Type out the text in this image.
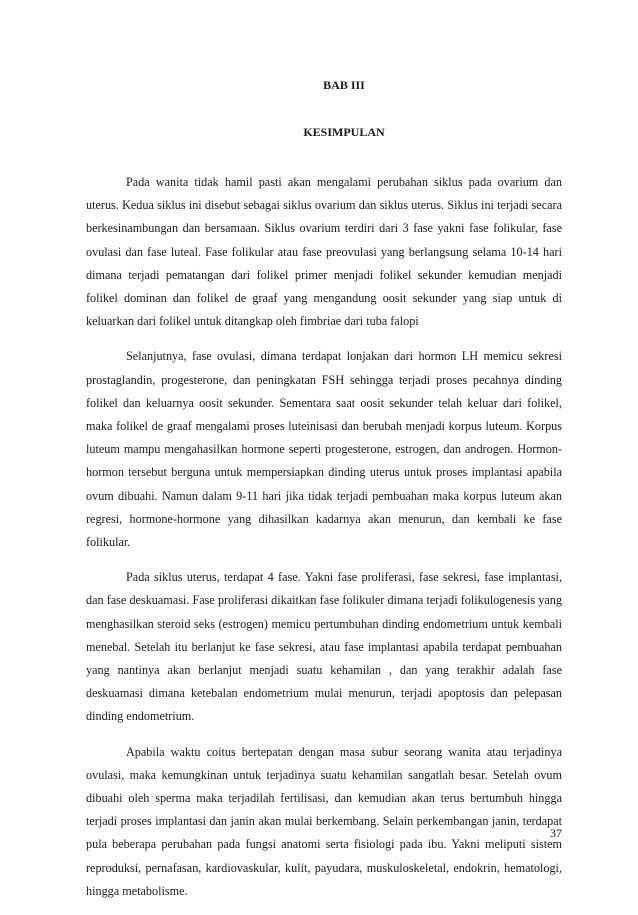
BAB III

KESIMPULAN

Pada wanita tidak hamil pasti akan mengalami perubahan siklus pada ovarium dan uterus. Kedua siklus ini disebut sebagai siklus ovarium dan siklus uterus. Siklus ini terjadi secara berkesinambungan dan bersamaan. Siklus ovarium terdiri dari 3 fase yakni fase folikular, fase ovulasi dan fase luteal. Fase folikular atau fase preovulasi yang berlangsung selama 10-14 hari dimana terjadi pematangan dari folikel primer menjadi folikel sekunder kemudian menjadi folikel dominan dan folikel de graaf yang mengandung oosit sekunder yang siap untuk di keluarkan dari folikel untuk ditangkap oleh fimbriae dari tuba falopi

Selanjutnya, fase ovulasi, dimana terdapat lonjakan dari hormon LH memicu sekresi prostaglandin, progesterone, dan peningkatan FSH sehingga terjadi proses pecahnya dinding folikel dan keluarnya oosit sekunder. Sementara saat oosit sekunder telah keluar dari folikel, maka folikel de graaf mengalami proses luteinisasi dan berubah menjadi korpus luteum. Korpus luteum mampu mengahasilkan hormone seperti progesterone, estrogen, dan androgen. Hormon-hormon tersebut berguna untuk mempersiapkan dinding uterus untuk proses implantasi apabila ovum dibuahi. Namun dalam 9-11 hari jika tidak terjadi pembuahan maka korpus luteum akan regresi, hormone-hormone yang dihasilkan kadarnya akan menurun, dan kembali ke fase folikular.

Pada siklus uterus, terdapat 4 fase. Yakni fase proliferasi, fase sekresi, fase implantasi, dan fase deskuamasi. Fase proliferasi dikaitkan fase folikuler dimana terjadi folikulogenesis yang menghasilkan steroid seks (estrogen) memicu pertumbuhan dinding endometrium untuk kembali menebal. Setelah itu berlanjut ke fase sekresi, atau fase implantasi apabila terdapat pembuahan yang nantinya akan berlanjut menjadi suatu kehamilan , dan yang terakhir adalah fase deskuamasi dimana ketebalan endometrium mulai menurun, terjadi apoptosis dan pelepasan dinding endometrium.

Apabila waktu coitus bertepatan dengan masa subur seorang wanita atau terjadinya ovulasi, maka kemungkinan untuk terjadinya suatu kehamilan sangatlah besar. Setelah ovum dibuahi oleh sperma maka terjadilah fertilisasi, dan kemudian akan terus bertumbuh hingga terjadi proses implantasi dan janin akan mulai berkembang. Selain perkembangan janin, terdapat pula beberapa perubahan pada fungsi anatomi serta fisiologi pada ibu. Yakni meliputi sistem reproduksi, pernafasan, kardiovaskular, kulit, payudara, muskuloskeletal, endokrin, hematologi, hingga metabolisme.

37
